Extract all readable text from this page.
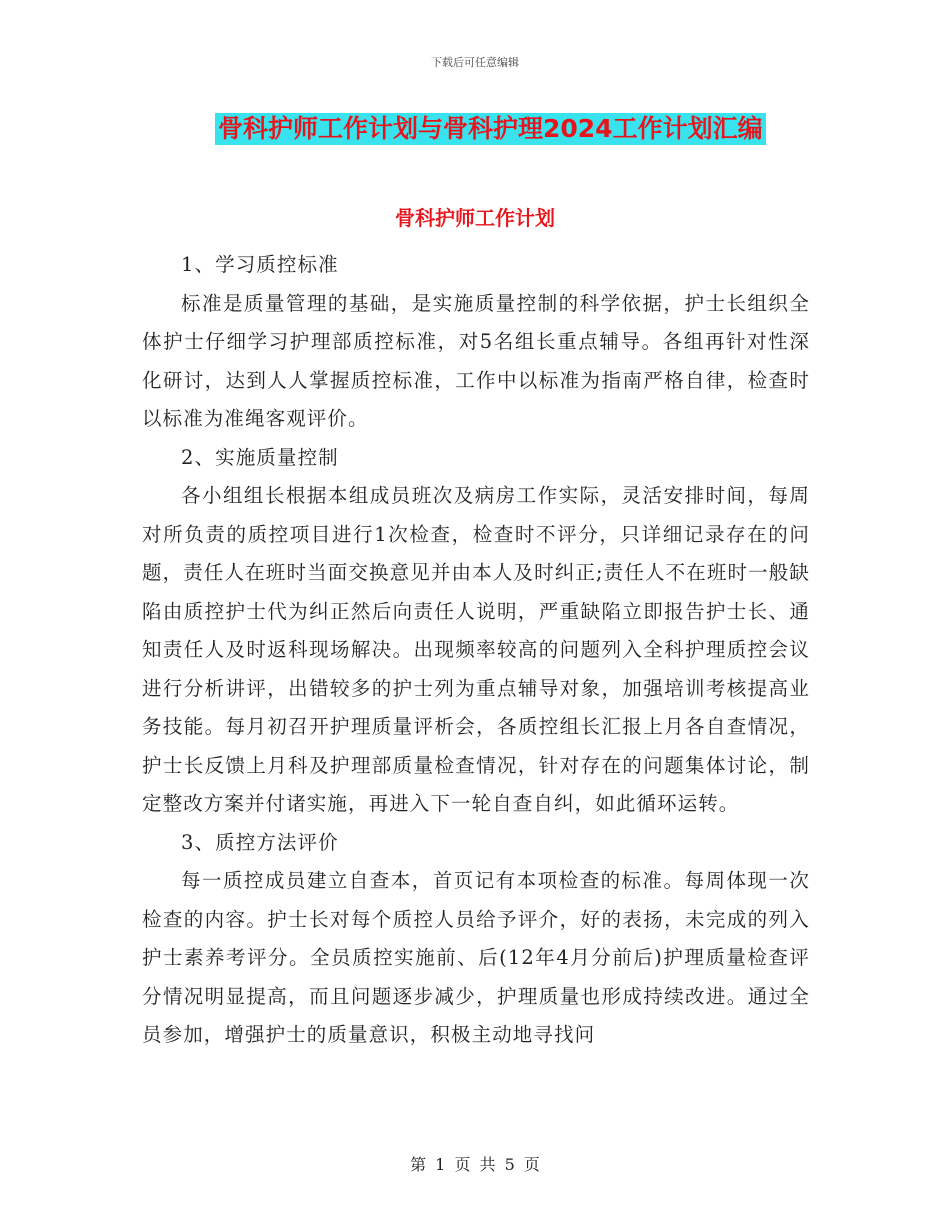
下载后可任意编辑
骨科护师工作计划与骨科护理2024工作计划汇编
骨科护师工作计划

1、学习质控标准

标准是质量管理的基础，是实施质量控制的科学依据，护士长组织全体护士仔细学习护理部质控标准，对5名组长重点辅导。各组再针对性深化研讨，达到人人掌握质控标准，工作中以标准为指南严格自律，检查时以标准为准绳客观评价。

2、实施质量控制

各小组组长根据本组成员班次及病房工作实际，灵活安排时间，每周对所负责的质控项目进行1次检查，检查时不评分，只详细记录存在的问题，责任人在班时当面交换意见并由本人及时纠正;责任人不在班时一般缺陷由质控护士代为纠正然后向责任人说明，严重缺陷立即报告护士长、通知责任人及时返科现场解决。出现频率较高的问题列入全科护理质控会议进行分析讲评，出错较多的护士列为重点辅导对象，加强培训考核提高业务技能。每月初召开护理质量评析会，各质控组长汇报上月各自查情况，护士长反馈上月科及护理部质量检查情况，针对存在的问题集体讨论，制定整改方案并付诸实施，再进入下一轮自查自纠，如此循环运转。

3、质控方法评价

每一质控成员建立自查本，首页记有本项检查的标准。每周体现一次检查的内容。护士长对每个质控人员给予评介，好的表扬，未完成的列入护士素养考评分。全员质控实施前、后(12年4月分前后)护理质量检查评分情况明显提高，而且问题逐步减少，护理质量也形成持续改进。通过全员参加，增强护士的质量意识，积极主动地寻找问

第 1 页 共 5 页
